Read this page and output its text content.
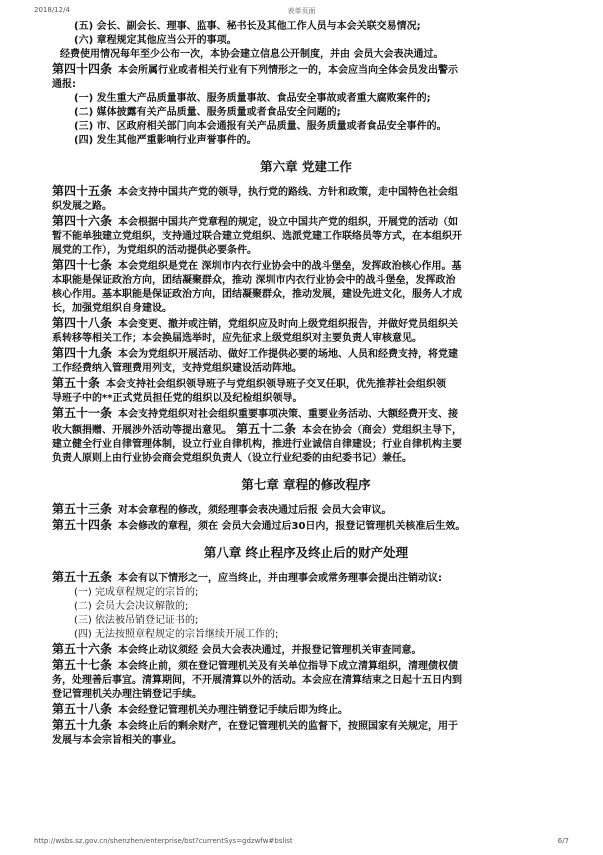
2018/12/4	表单页面
(五) 会长、副会长、理事、监事、秘书长及其他工作人员与本会关联交易情况;
(六) 章程规定其他应当公开的事项。
经费使用情况每年至少公布一次，本协会建立信息公开制度，并由 会员大会表决通过。
第四十四条 本会所属行业或者相关行业有下列情形之一的，本会应当向全体会员发出警示
通报:
(一) 发生重大产品质量事故、服务质量事故、食品安全事故或者重大腐败案件的;
(二) 媒体披露有关产品质量、服务质量或者食品安全问题的;
(三) 市、区政府相关部门向本会通报有关产品质量、服务质量或者食品安全事件的。
(四) 发生其他严重影响行业声誉事件的。
第六章 党建工作
第四十五条 本会支持中国共产党的领导，执行党的路线、方针和政策，走中国特色社会组
织发展之路。
第四十六条 本会根据中国共产党章程的规定，设立中国共产党的组织，开展党的活动（如
暂不能单独建立党组织，支持通过联合建立党组织、选派党建工作联络员等方式，在本组织开
展党的工作），为党组织的活动提供必要条件。
第四十七条 本会党组织是党在 深圳市内衣行业协会中的战斗堡垒，发挥政治核心作用。基
本职能是保证政治方向，团结凝聚群众，推动 深圳市内衣行业协会中的战斗堡垒，发挥政治
核心作用。基本职能是保证政治方向，团结凝聚群众，推动发展，建设先进文化，服务人才成
长，加强党组织自身建设。
第四十八条 本会变更、撤并或注销，党组织应及时向上级党组织报告，并做好党员组织关
系转移等相关工作；本会换届选举时，应先征求上级党组织对主要负责人审核意见。
第四十九条 本会为党组织开展活动、做好工作提供必要的场地、人员和经费支持，将党建
工作经费纳入管理费用列支，支持党组织建设活动阵地。
第五十条 本会支持社会组织领导班子与党组织领导班子交叉任职，优先推荐社会组织领
导班子中的**正式党员担任党的组织以及纪检组织领导。
第五十一条 本会支持党组织对社会组织重要事项决策、重要业务活动、大额经费开支、接
收大额捐赠、开展涉外活动等提出意见。 第五十二条 本会在协会（商会）党组织主导下，
建立健全行业自律管理体制，设立行业自律机构，推进行业诚信自律建设；行业自律机构主要
负责人原则上由行业协会商会党组织负责人（设立行业纪委的由纪委书记）兼任。
第七章 章程的修改程序
第五十三条 对本会章程的修改，须经理事会表决通过后报 会员大会审议。
第五十四条 本会修改的章程，须在 会员大会通过后30日内，报登记管理机关核准后生效。
第八章 终止程序及终止后的财产处理
第五十五条 本会有以下情形之一，应当终止，并由理事会或常务理事会提出注销动议:
(一) 完成章程规定的宗旨的;
(二) 会员大会决议解散的;
(三) 依法被吊销登记证书的;
(四) 无法按照章程规定的宗旨继续开展工作的;
第五十六条 本会终止动议须经 会员大会表决通过，并报登记管理机关审查同意。
第五十七条 本会终止前，须在登记管理机关及有关单位指导下成立清算组织，清理债权债
务，处理善后事宜。清算期间，不开展清算以外的活动。本会应在清算结束之日起十五日内到
登记管理机关办理注销登记手续。
第五十八条 本会经登记管理机关办理注销登记手续后即为终止。
第五十九条 本会终止后的剩余财产，在登记管理机关的监督下，按照国家有关规定，用于
发展与本会宗旨相关的事业。
http://wsbs.sz.gov.cn/shenzhen/enterprise/bst?currentSys=gdzwfw#bslist	6/7
